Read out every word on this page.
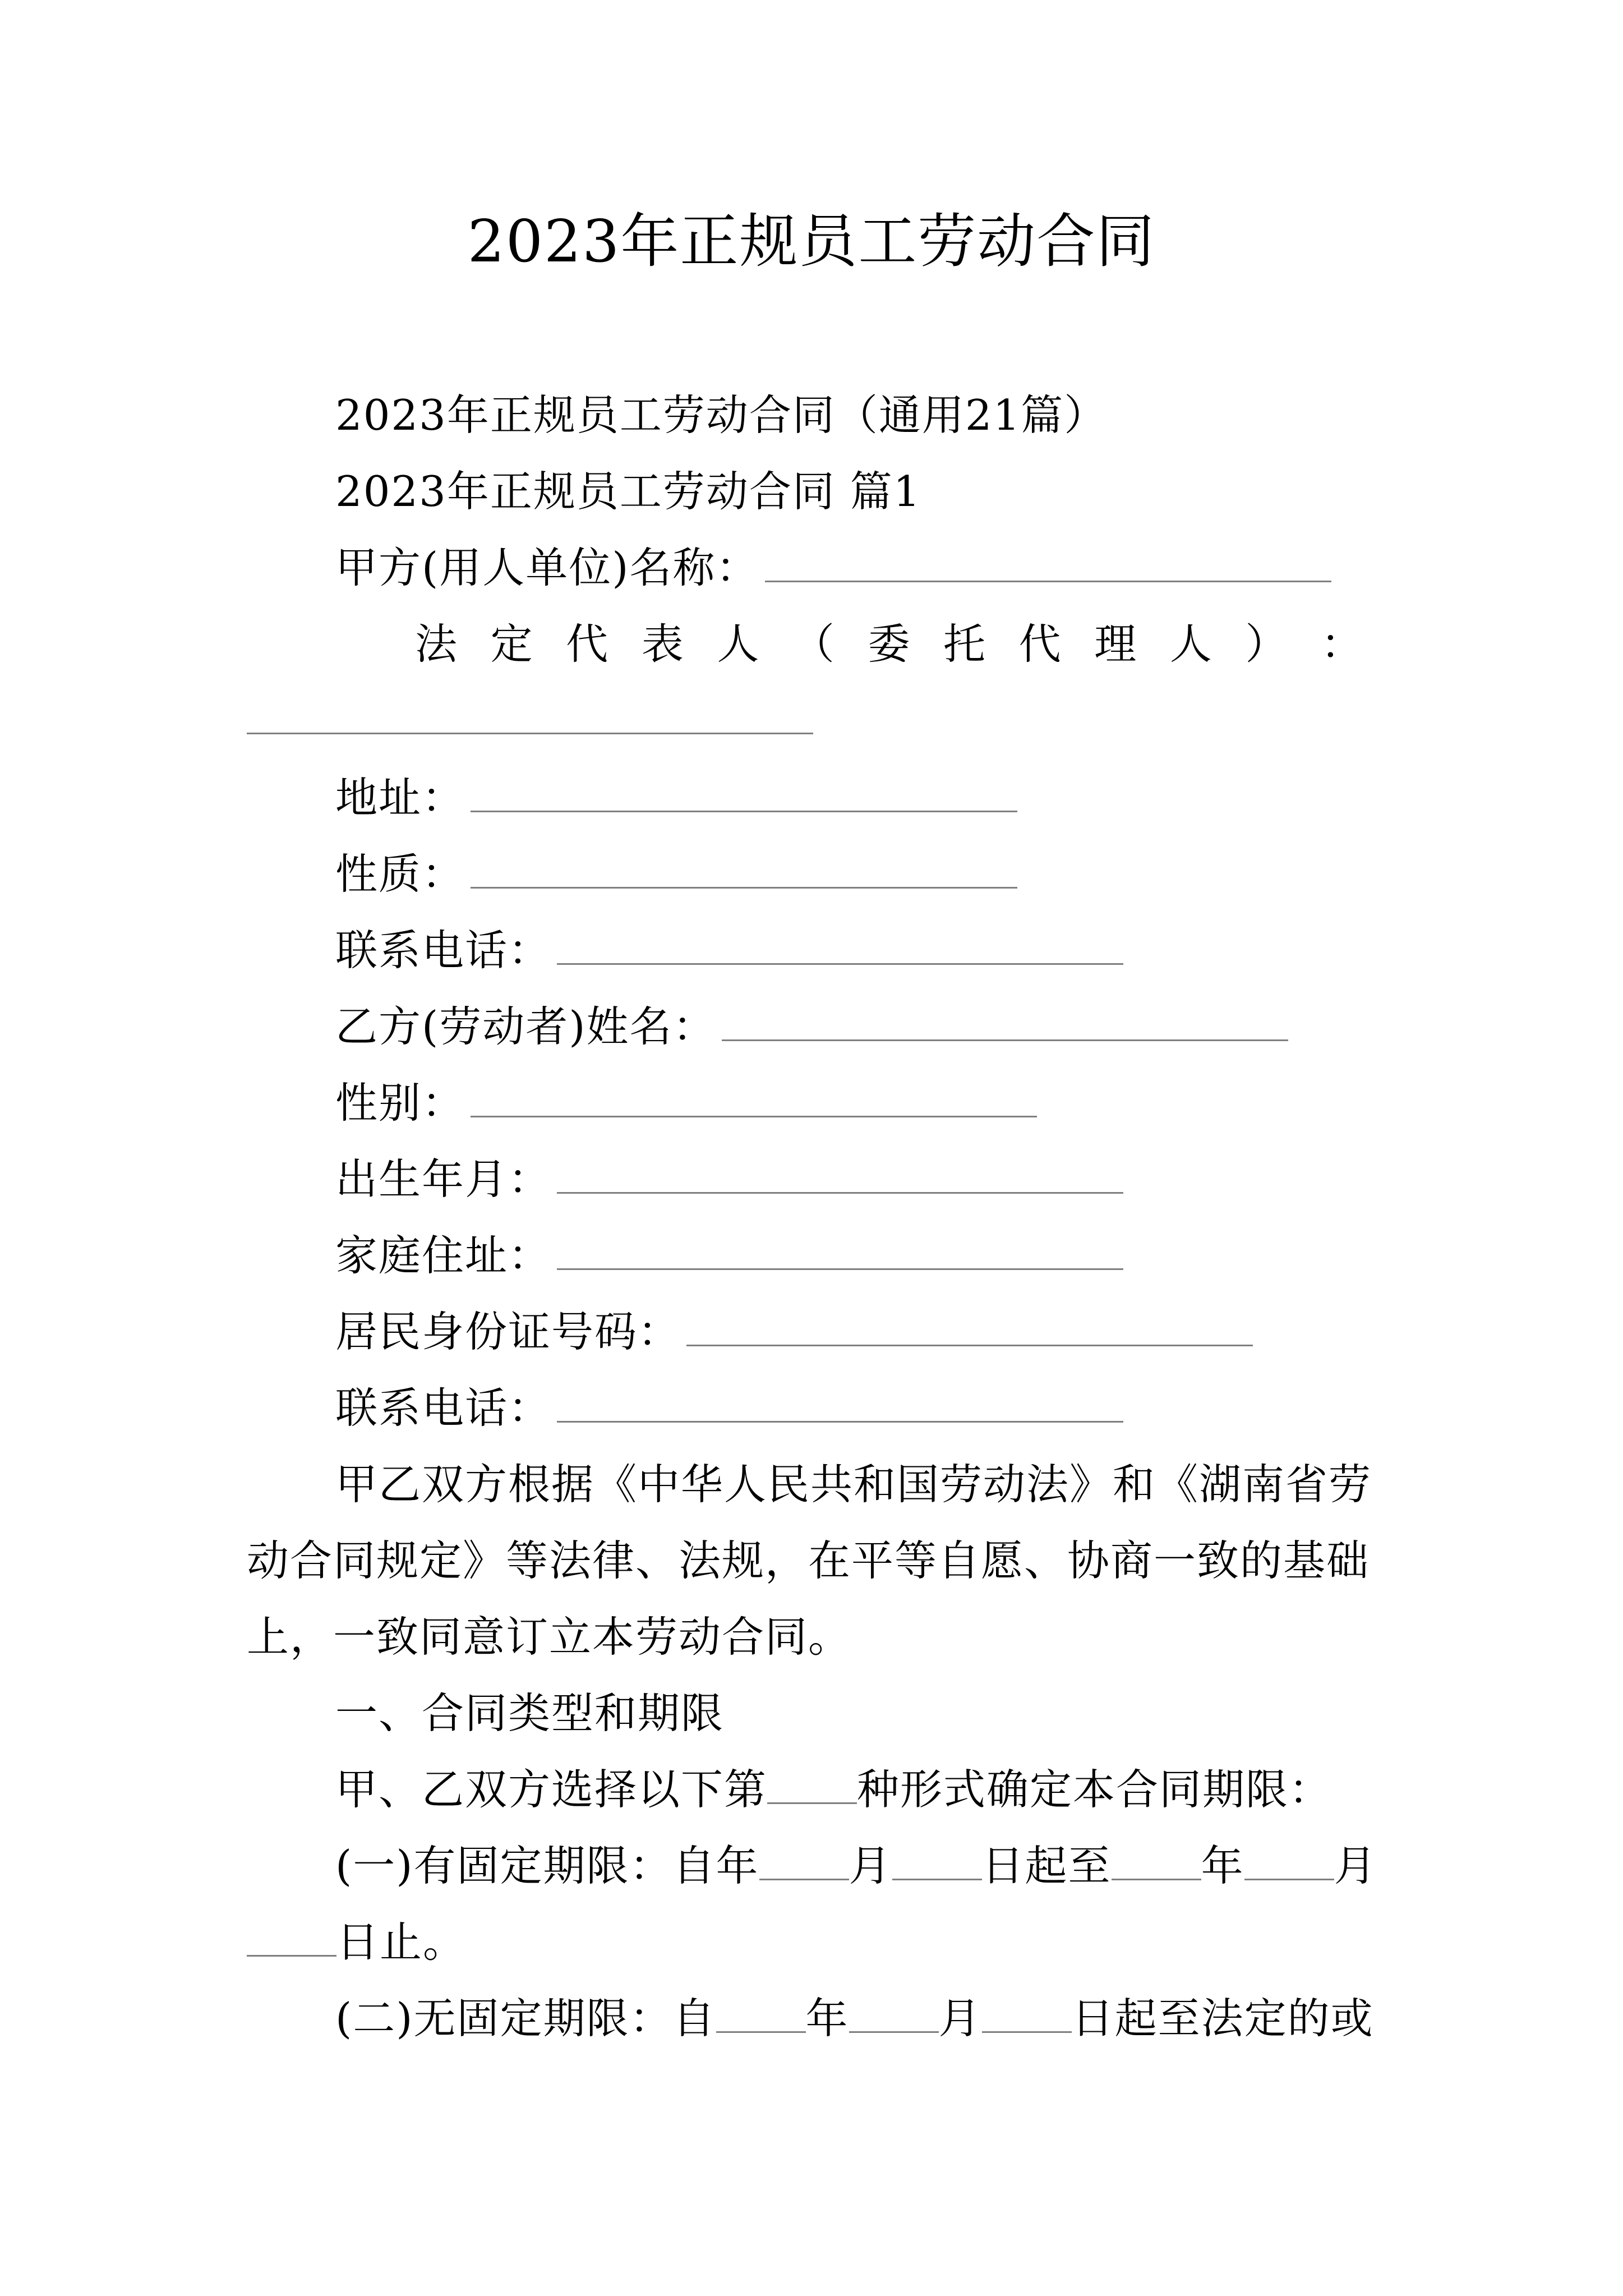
2023年正规员工劳动合同
2023年正规员工劳动合同（通用21篇）
2023年正规员工劳动合同 篇1
甲方(用人单位)名称：
法 定 代 表 人 （ 委 托 代 理 人 ） ：
地址：
性质：
联系电话：
乙方(劳动者)姓名：
性别：
出生年月：
家庭住址：
居民身份证号码：
联系电话：
甲乙双方根据《中华人民共和国劳动法》和《湖南省劳
动合同规定》等法律、法规，在平等自愿、协商一致的基础
上，一致同意订立本劳动合同。
一、合同类型和期限
甲、乙双方选择以下第 种形式确定本合同期限：
(一)有固定期限：自年 月 日起至 年 月
日止。
(二)无固定期限：自 年 月 日起至法定的或
